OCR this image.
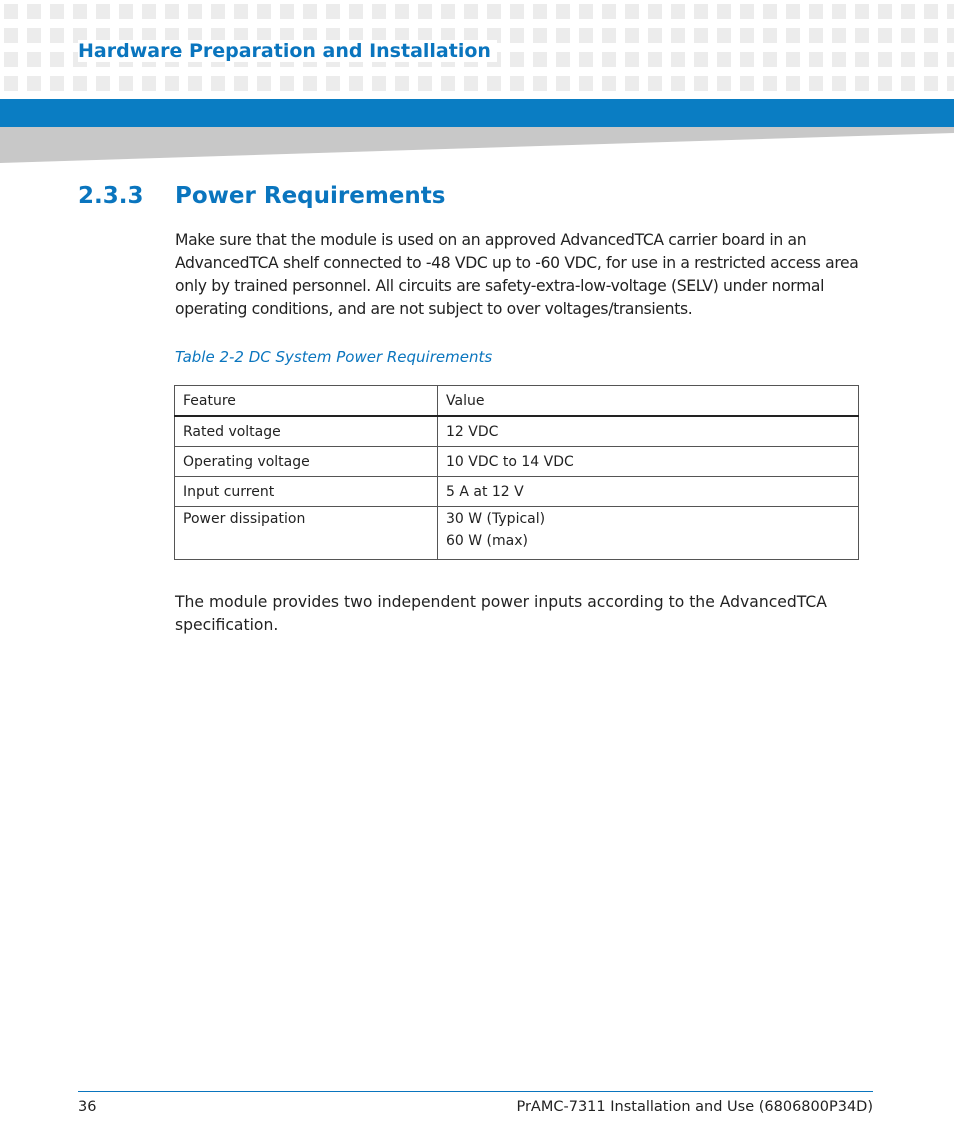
Hardware Preparation and Installation
2.3.3 Power Requirements

Make sure that the module is used on an approved AdvancedTCA carrier board in an AdvancedTCA shelf connected to -48 VDC up to -60 VDC, for use in a restricted access area only by trained personnel. All circuits are safety-extra-low-voltage (SELV) under normal operating conditions, and are not subject to over voltages/transients.

Table 2-2 DC System Power Requirements

Feature	Value
Rated voltage	12 VDC
Operating voltage	10 VDC to 14 VDC
Input current	5 A at 12 V
Power dissipation	30 W (Typical)
60 W (max)

The module provides two independent power inputs according to the AdvancedTCA specification.

36	PrAMC-7311 Installation and Use (6806800P34D)
